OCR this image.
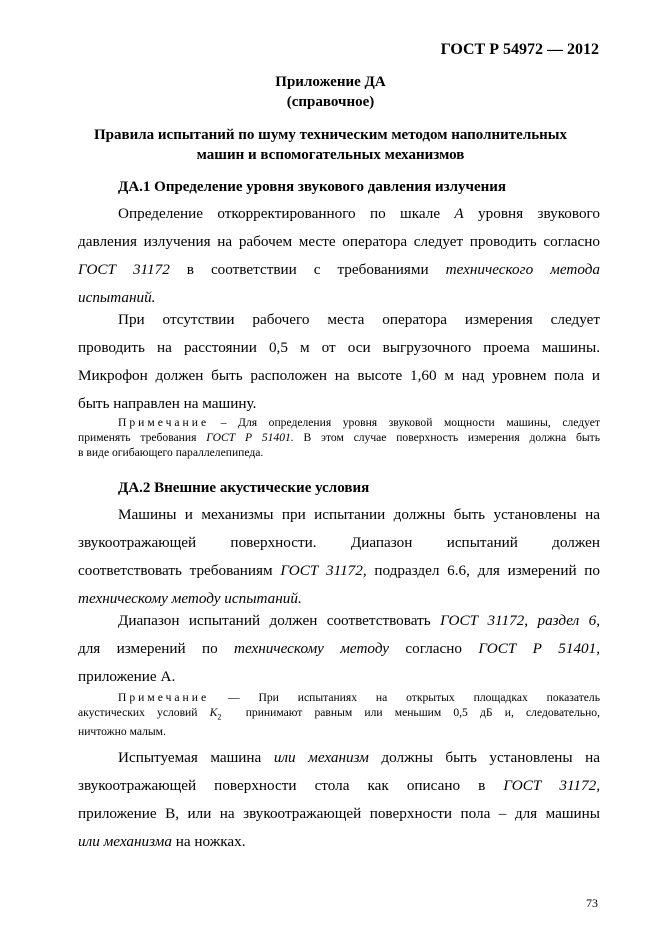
ГОСТ Р 54972 — 2012
Приложение ДА
(справочное)
Правила испытаний по шуму техническим методом наполнительных
машин и вспомогательных механизмов
ДА.1 Определение уровня звукового давления излучения
Определение откорректированного по шкале А уровня звукового
давления излучения на рабочем месте оператора следует проводить согласно
ГОСТ 31172 в соответствии с требованиями технического метода
испытаний.
При отсутствии рабочего места оператора измерения следует
проводить на расстоянии 0,5 м от оси выгрузочного проема машины.
Микрофон должен быть расположен на высоте 1,60 м над уровнем пола и
быть направлен на машину.
Примечание – Для определения уровня звуковой мощности машины, следует
применять требования ГОСТ Р 51401. В этом случае поверхность измерения должна быть
в виде огибающего параллелепипеда.
ДА.2 Внешние акустические условия
Машины и механизмы при испытании должны быть установлены на
звукоотражающей поверхности. Диапазон испытаний должен
соответствовать требованиям ГОСТ 31172, подраздел 6.6, для измерений по
техническому методу испытаний.
Диапазон испытаний должен соответствовать ГОСТ 31172, раздел 6,
для измерений по техническому методу согласно ГОСТ Р 51401,
приложение А.
Примечание — При испытаниях на открытых площадках показатель
акустических условий $K_2$ принимают равным или меньшим 0,5 дБ и, следовательно,
ничтожно малым.
Испытуемая машина или механизм должны быть установлены на
звукоотражающей поверхности стола как описано в ГОСТ 31172,
приложение В, или на звукоотражающей поверхности пола – для машины
или механизма на ножках.
73
